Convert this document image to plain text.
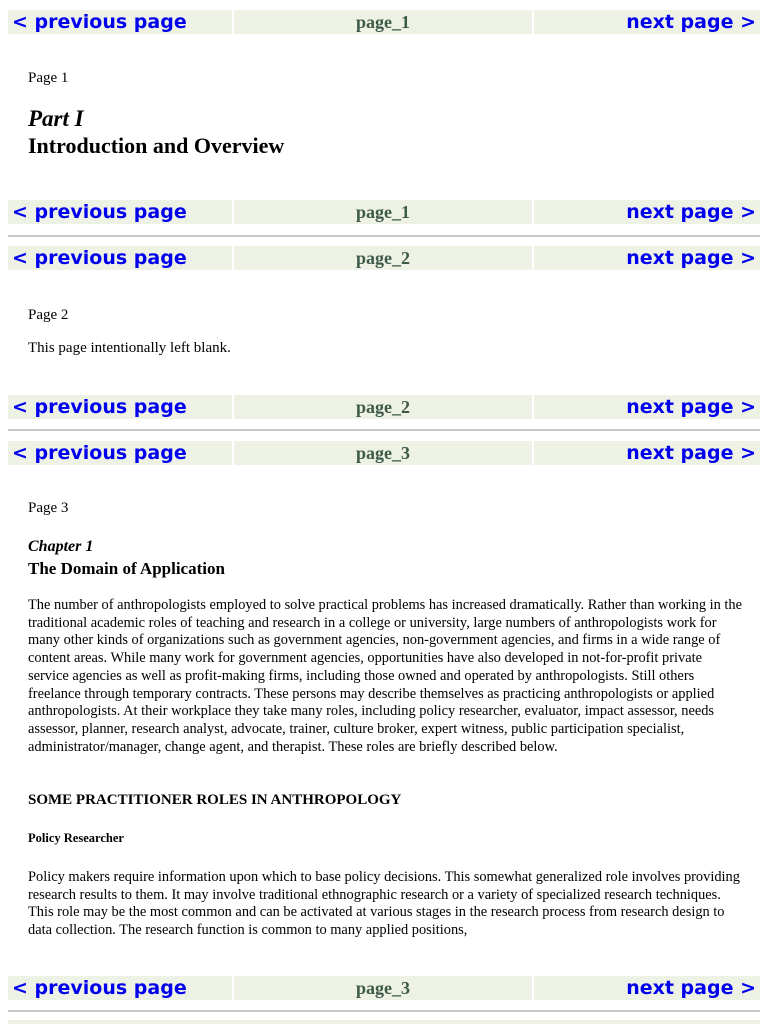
< previous page	page_1	next page >

Page 1

Part I

Introduction and Overview

< previous page	page_1	next page >
< previous page	page_2	next page >

Page 2

This page intentionally left blank.

< previous page	page_2	next page >
< previous page	page_3	next page >

Page 3

Chapter 1

The Domain of Application

The number of anthropologists employed to solve practical problems has increased dramatically. Rather than working in the traditional academic roles of teaching and research in a college or university, large numbers of anthropologists work for many other kinds of organizations such as government agencies, non-government agencies, and firms in a wide range of content areas. While many work for government agencies, opportunities have also developed in not-for-profit private service agencies as well as profit-making firms, including those owned and operated by anthropologists. Still others freelance through temporary contracts. These persons may describe themselves as practicing anthropologists or applied anthropologists. At their workplace they take many roles, including policy researcher, evaluator, impact assessor, needs assessor, planner, research analyst, advocate, trainer, culture broker, expert witness, public participation specialist, administrator/manager, change agent, and therapist. These roles are briefly described below.

SOME PRACTITIONER ROLES IN ANTHROPOLOGY

Policy Researcher

Policy makers require information upon which to base policy decisions. This somewhat generalized role involves providing research results to them. It may involve traditional ethnographic research or a variety of specialized research techniques. This role may be the most common and can be activated at various stages in the research process from research design to data collection. The research function is common to many applied positions,

< previous page	page_3	next page >
